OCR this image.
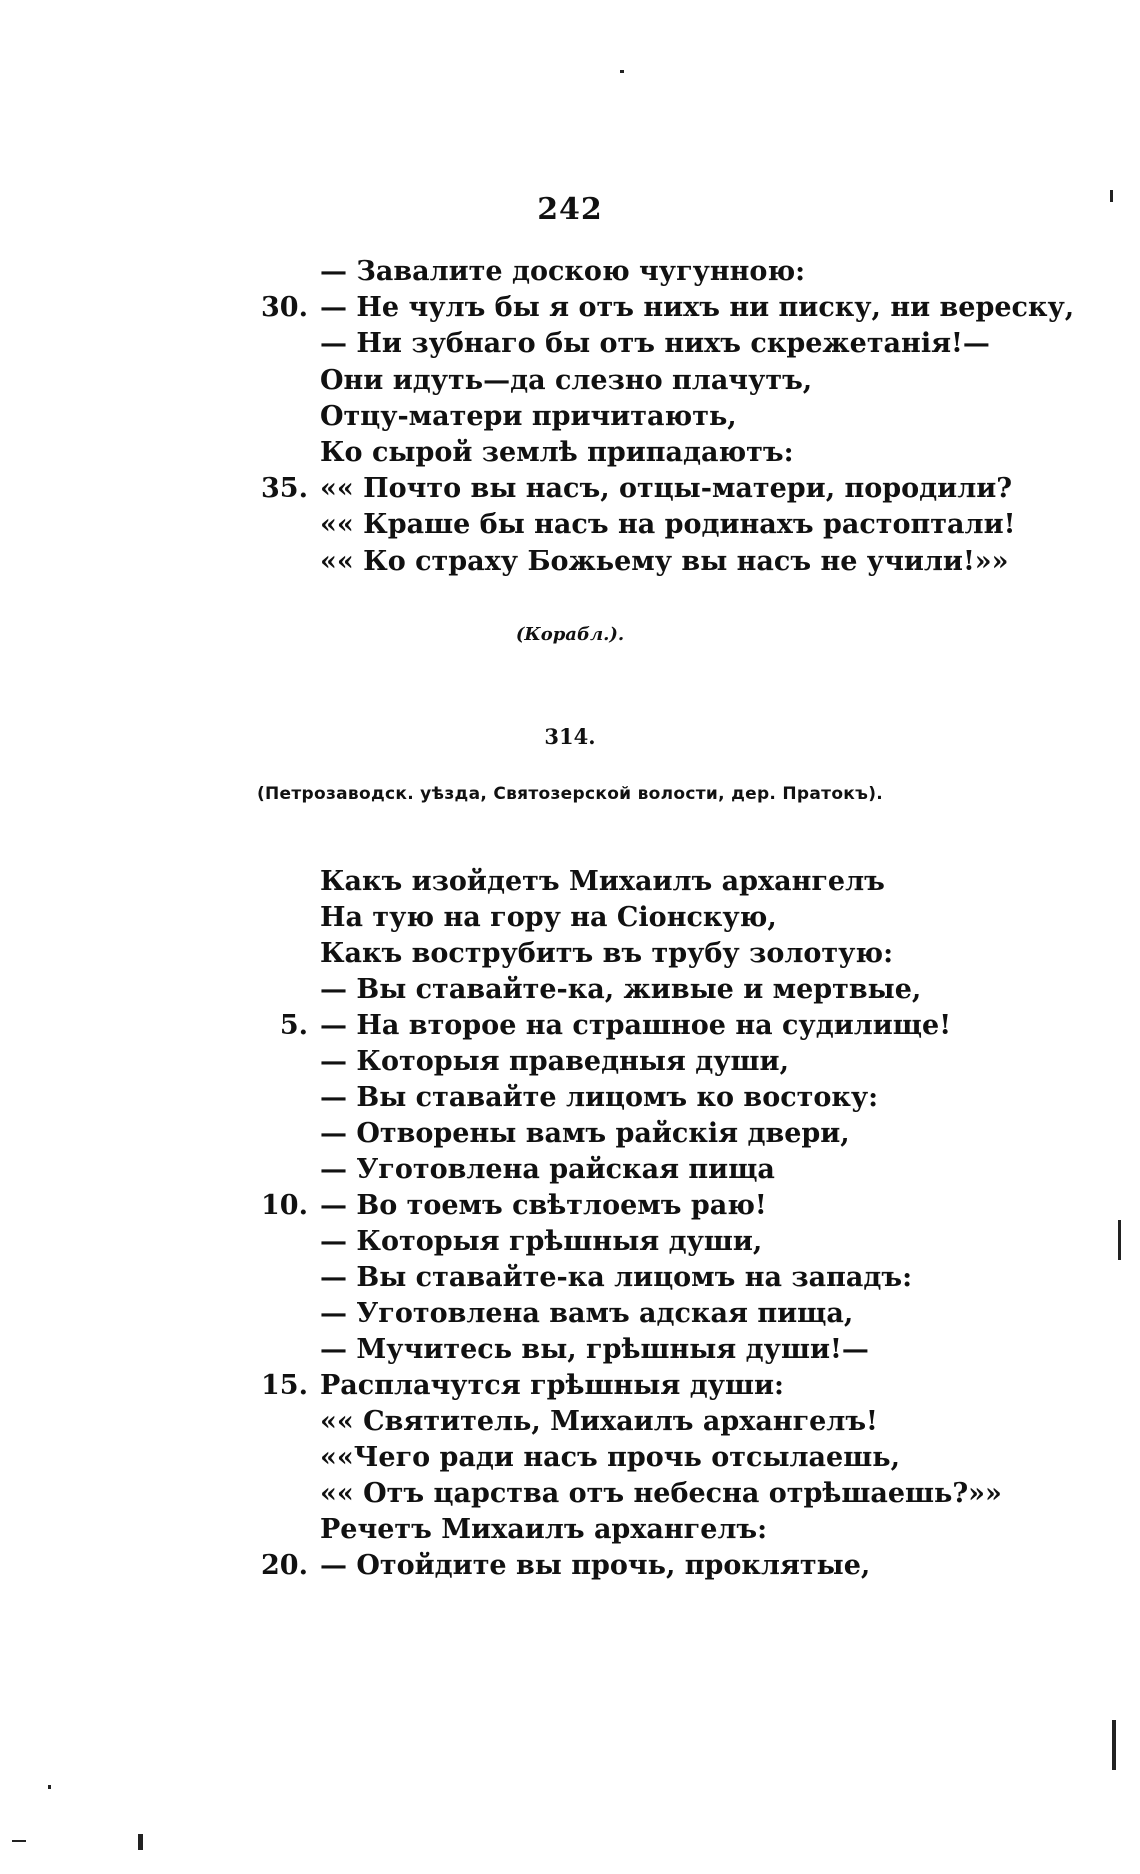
242
— Завалите доскою чугунною:
30. — Не чулъ бы я отъ нихъ ни писку, ни вереску,
— Ни зубнаго бы отъ нихъ скрежетанія!—
Они идуть—да слезно плачутъ,
Отцу-матери причитають,
Ко сырой землѣ припадаютъ:
35. «« Почто вы насъ, отцы-матери, породили?
«« Краше бы насъ на родинахъ растоптали!
«« Ко страху Божьему вы насъ не учили!»»
(Корабл.).
314.
(Петрозаводск. уѣзда, Святозерской волости, дер. Пратокъ).
Какъ изойдетъ Михаилъ архангелъ
На тую на гору на Сіонскую,
Какъ вострубитъ въ трубу золотую:
— Вы ставайте-ка, живые и мертвые,
5. — На второе на страшное на судилище!
— Которыя праведныя души,
— Вы ставайте лицомъ ко востоку:
— Отворены вамъ райскія двери,
— Уготовлена райская пища
10. — Во тоемъ свѣтлоемъ раю!
— Которыя грѣшныя души,
— Вы ставайте-ка лицомъ на западъ:
— Уготовлена вамъ адская пища,
— Мучитесь вы, грѣшныя души!—
15. Расплачутся грѣшныя души:
«« Святитель, Михаилъ архангелъ!
««Чего ради насъ прочь отсылаешь,
«« Отъ царства отъ небесна отрѣшаешь?»»
Речетъ Михаилъ архангелъ:
20. — Отойдите вы прочь, проклятые,
